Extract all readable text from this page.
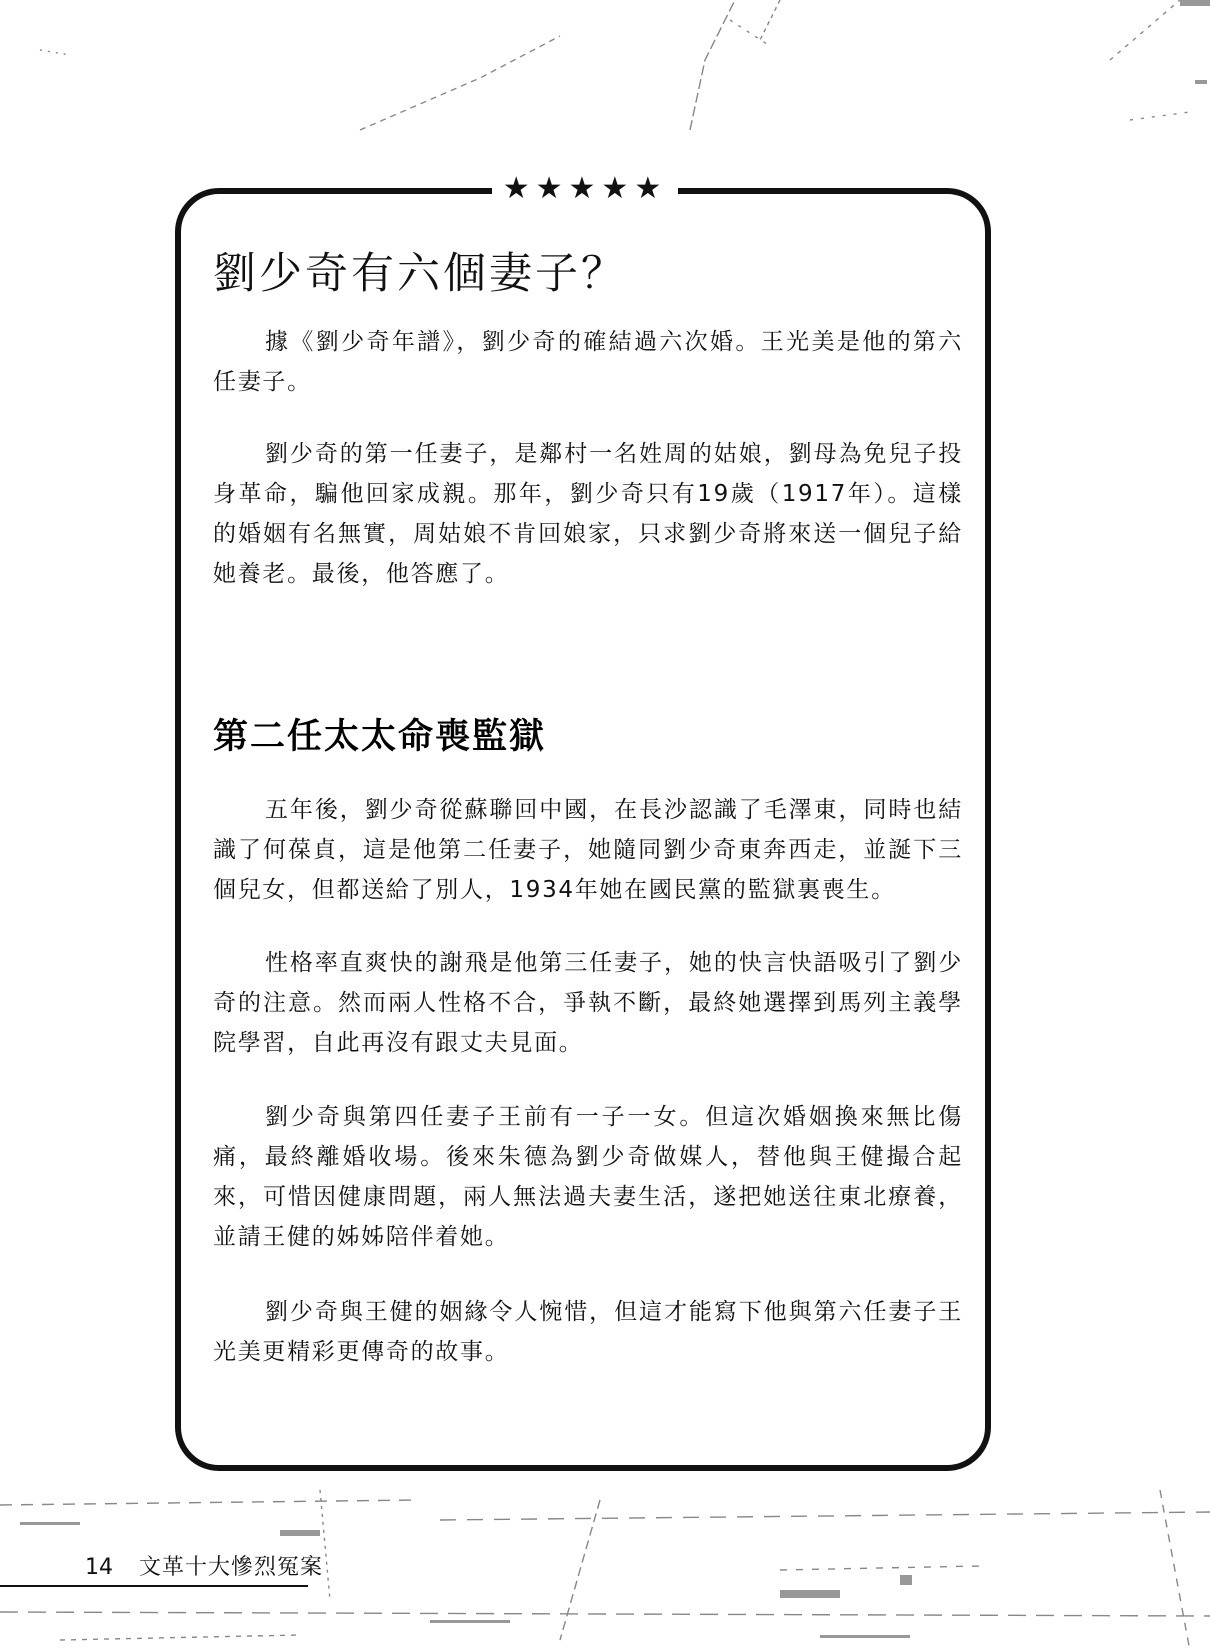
★★★★★
劉少奇有六個妻子？

據《劉少奇年譜》，劉少奇的確結過六次婚。王光美是他的第六任妻子。

劉少奇的第一任妻子，是鄰村一名姓周的姑娘，劉母為免兒子投身革命，騙他回家成親。那年，劉少奇只有19歲（1917年）。這樣的婚姻有名無實，周姑娘不肯回娘家，只求劉少奇將來送一個兒子給她養老。最後，他答應了。

第二任太太命喪監獄

五年後，劉少奇從蘇聯回中國，在長沙認識了毛澤東，同時也結識了何葆貞，這是他第二任妻子，她隨同劉少奇東奔西走，並誕下三個兒女，但都送給了別人，1934年她在國民黨的監獄裏喪生。

性格率直爽快的謝飛是他第三任妻子，她的快言快語吸引了劉少奇的注意。然而兩人性格不合，爭執不斷，最終她選擇到馬列主義學院學習，自此再沒有跟丈夫見面。

劉少奇與第四任妻子王前有一子一女。但這次婚姻換來無比傷痛，最終離婚收場。後來朱德為劉少奇做媒人，替他與王健撮合起來，可惜因健康問題，兩人無法過夫妻生活，遂把她送往東北療養，並請王健的姊姊陪伴着她。

劉少奇與王健的姻緣令人惋惜，但這才能寫下他與第六任妻子王光美更精彩更傳奇的故事。

14 文革十大慘烈冤案
